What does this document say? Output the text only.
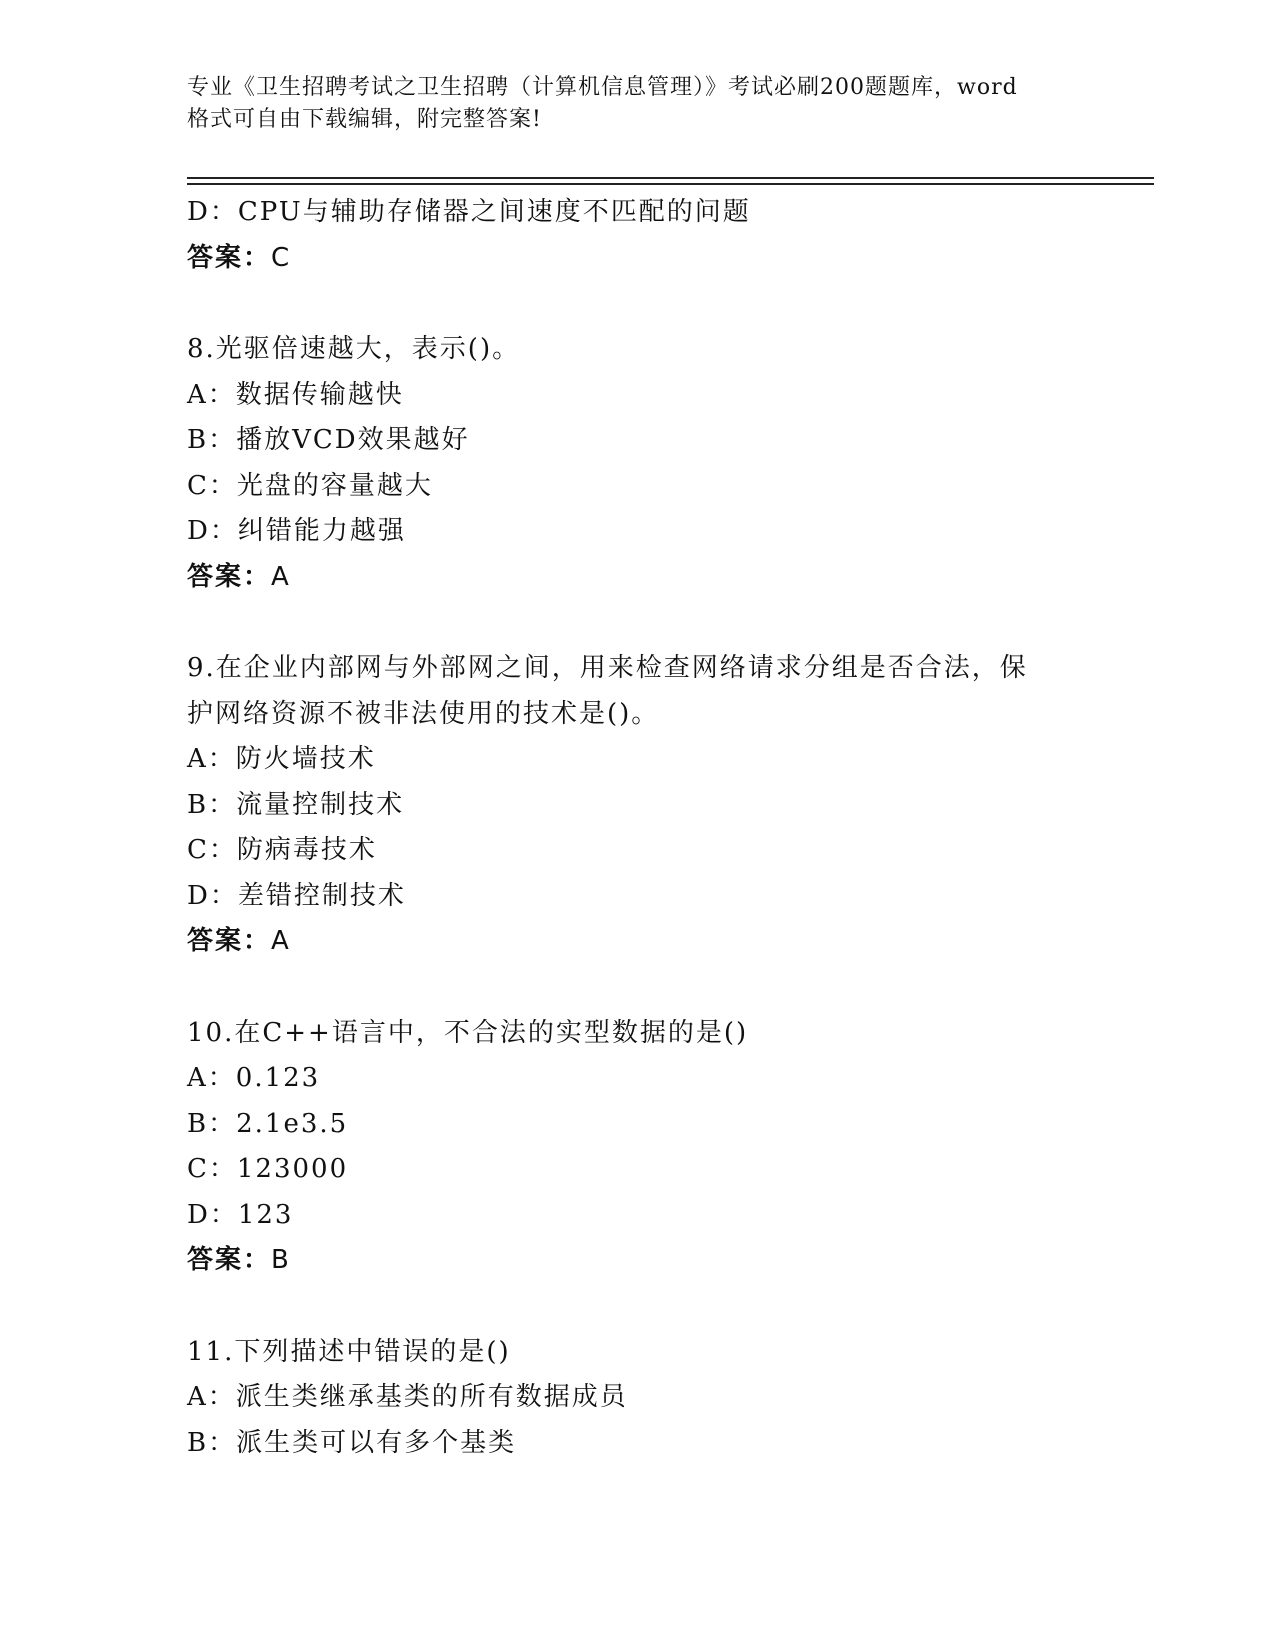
专业《卫生招聘考试之卫生招聘（计算机信息管理）》考试必刷200题题库，word
格式可自由下载编辑，附完整答案!
D：CPU与辅助存储器之间速度不匹配的问题
答案：C
8.光驱倍速越大，表示()。
A：数据传输越快
B：播放VCD效果越好
C：光盘的容量越大
D：纠错能力越强
答案：A
9.在企业内部网与外部网之间，用来检查网络请求分组是否合法，保
护网络资源不被非法使用的技术是()。
A：防火墙技术
B：流量控制技术
C：防病毒技术
D：差错控制技术
答案：A
10.在C++语言中，不合法的实型数据的是()
A：0.123
B：2.1e3.5
C：123000
D：123
答案：B
11.下列描述中错误的是()
A：派生类继承基类的所有数据成员
B：派生类可以有多个基类
